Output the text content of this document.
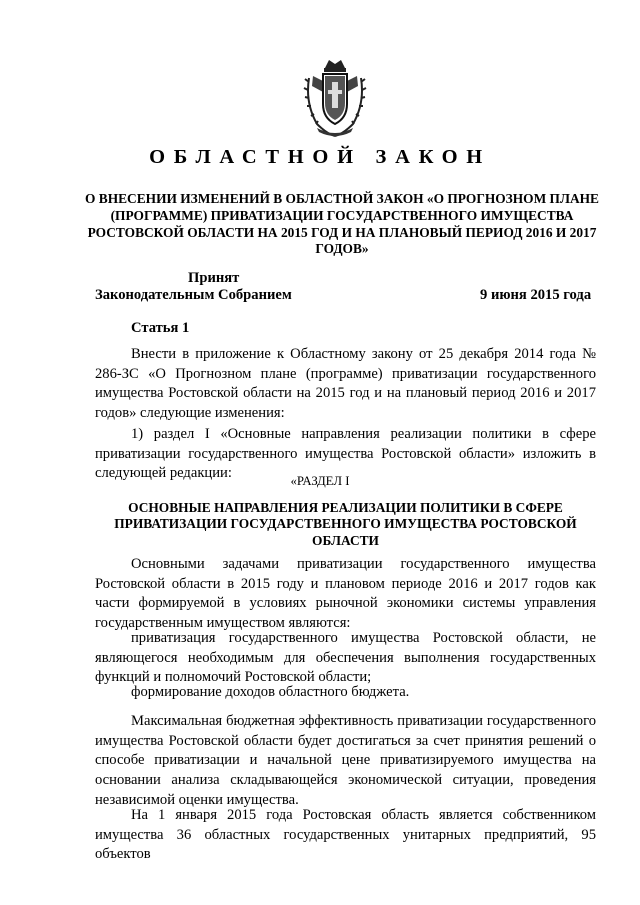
ОБЛАСТНОЙ ЗАКОН
О ВНЕСЕНИИ ИЗМЕНЕНИЙ В ОБЛАСТНОЙ ЗАКОН «О ПРОГНОЗНОМ ПЛАНЕ (ПРОГРАММЕ) ПРИВАТИЗАЦИИ ГОСУДАРСТВЕННОГО ИМУЩЕСТВА РОСТОВСКОЙ ОБЛАСТИ НА 2015 ГОД И НА ПЛАНОВЫЙ ПЕРИОД 2016 И 2017 ГОДОВ»
Принят
Законодательным Собранием	9 июня 2015 года
Статья 1
Внести в приложение к Областному закону от 25 декабря 2014 года № 286-ЗС «О Прогнозном плане (программе) приватизации государственного имущества Ростовской области на 2015 год и на плановый период 2016 и 2017 годов» следующие изменения:
1) раздел I «Основные направления реализации политики в сфере приватизации государственного имущества Ростовской области» изложить в следующей редакции:	«РАЗДЕЛ I
ОСНОВНЫЕ НАПРАВЛЕНИЯ РЕАЛИЗАЦИИ ПОЛИТИКИ В СФЕРЕ ПРИВАТИЗАЦИИ ГОСУДАРСТВЕННОГО ИМУЩЕСТВА РОСТОВСКОЙ ОБЛАСТИ
Основными задачами приватизации государственного имущества Ростовской области в 2015 году и плановом периоде 2016 и 2017 годов как части формируемой в условиях рыночной экономики системы управления государственным имуществом являются:
приватизация государственного имущества Ростовской области, не являющегося необходимым для обеспечения выполнения государственных функций и полномочий Ростовской области;
формирование доходов областного бюджета.
Максимальная бюджетная эффективность приватизации государственного имущества Ростовской области будет достигаться за счет принятия решений о способе приватизации и начальной цене приватизируемого имущества на основании анализа складывающейся экономической ситуации, проведения независимой оценки имущества.
На 1 января 2015 года Ростовская область является собственником имущества 36 областных государственных унитарных предприятий, 95 объектов
